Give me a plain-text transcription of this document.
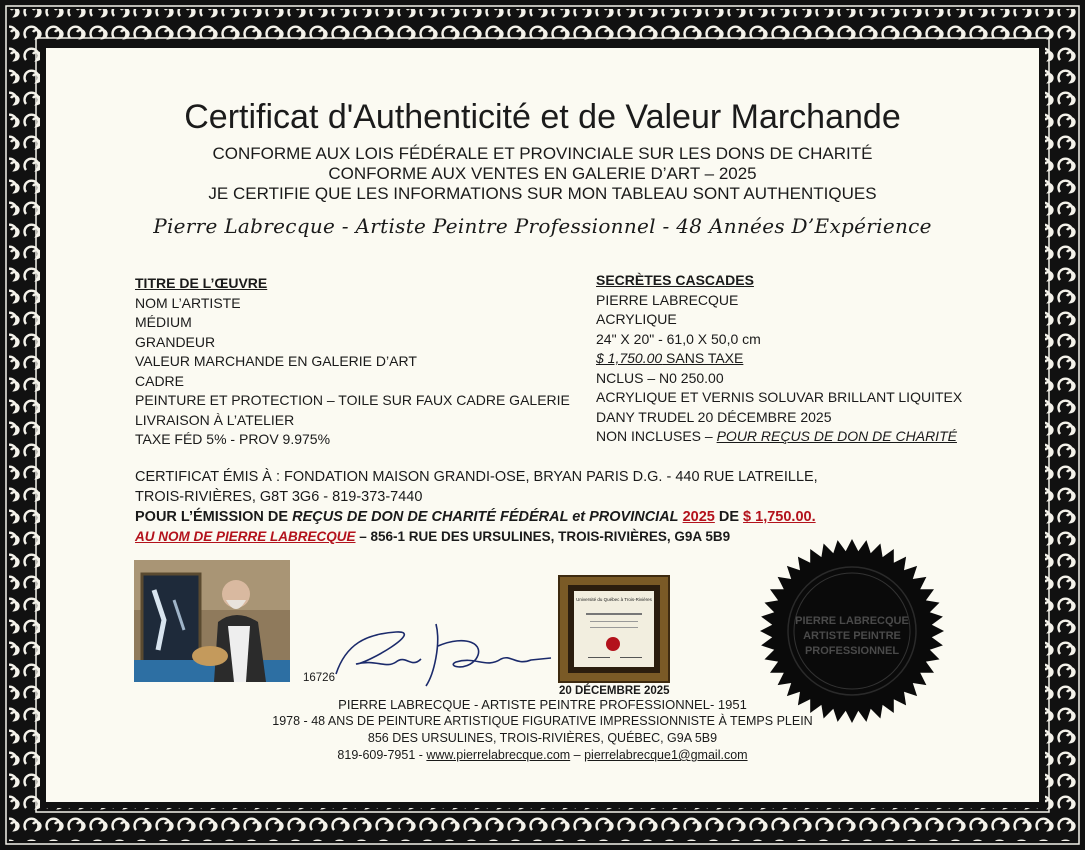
Certificat d'Authenticité et de Valeur Marchande
CONFORME AUX LOIS FÉDÉRALE ET PROVINCIALE SUR LES DONS DE CHARITÉ
CONFORME AUX VENTES EN GALERIE D’ART – 2025
JE CERTIFIE QUE LES INFORMATIONS SUR MON TABLEAU SONT AUTHENTIQUES
Pierre Labrecque - Artiste Peintre Professionnel - 48 Années D’Expérience
TITRE DE L’ŒUVRE
NOM L’ARTISTE
MÉDIUM
GRANDEUR
VALEUR MARCHANDE EN GALERIE D’ART
CADRE
PEINTURE ET PROTECTION – TOILE SUR FAUX CADRE GALERIE
LIVRAISON À L’ATELIER
TAXE FÉD 5% - PROV 9.975%
SECRÈTES CASCADES
PIERRE LABRECQUE
ACRYLIQUE
24" X 20" - 61,0 X 50,0 cm
$ 1,750.00 SANS TAXE
NCLUS – N0 250.00
ACRYLIQUE ET VERNIS SOLUVAR BRILLANT LIQUITEX
DANY TRUDEL 20 DÉCEMBRE 2025
NON INCLUSES – POUR REÇUS DE DON DE CHARITÉ
CERTIFICAT ÉMIS À : FONDATION MAISON GRANDI-OSE, BRYAN PARIS D.G. - 440 RUE LATREILLE,
TROIS-RIVIÈRES, G8T 3G6 - 819-373-7440
POUR L’ÉMISSION DE REÇUS DE DON DE CHARITÉ FÉDÉRAL et PROVINCIAL 2025 DE $ 1,750.00.
AU NOM DE PIERRE LABRECQUE – 856-1 RUE DES URSULINES, TROIS-RIVIÈRES, G9A 5B9
16726
20 DÉCEMBRE 2025
Université du Québec à Trois-Rivières
PIERRE LABRECQUE
ARTISTE PEINTRE
PROFESSIONNEL
PIERRE LABRECQUE - ARTISTE PEINTRE PROFESSIONNEL- 1951
1978 - 48 ANS DE PEINTURE ARTISTIQUE FIGURATIVE IMPRESSIONNISTE À TEMPS PLEIN
856 DES URSULINES, TROIS-RIVIÈRES, QUÉBEC, G9A 5B9
819-609-7951 - www.pierrelabrecque.com – pierrelabrecque1@gmail.com
